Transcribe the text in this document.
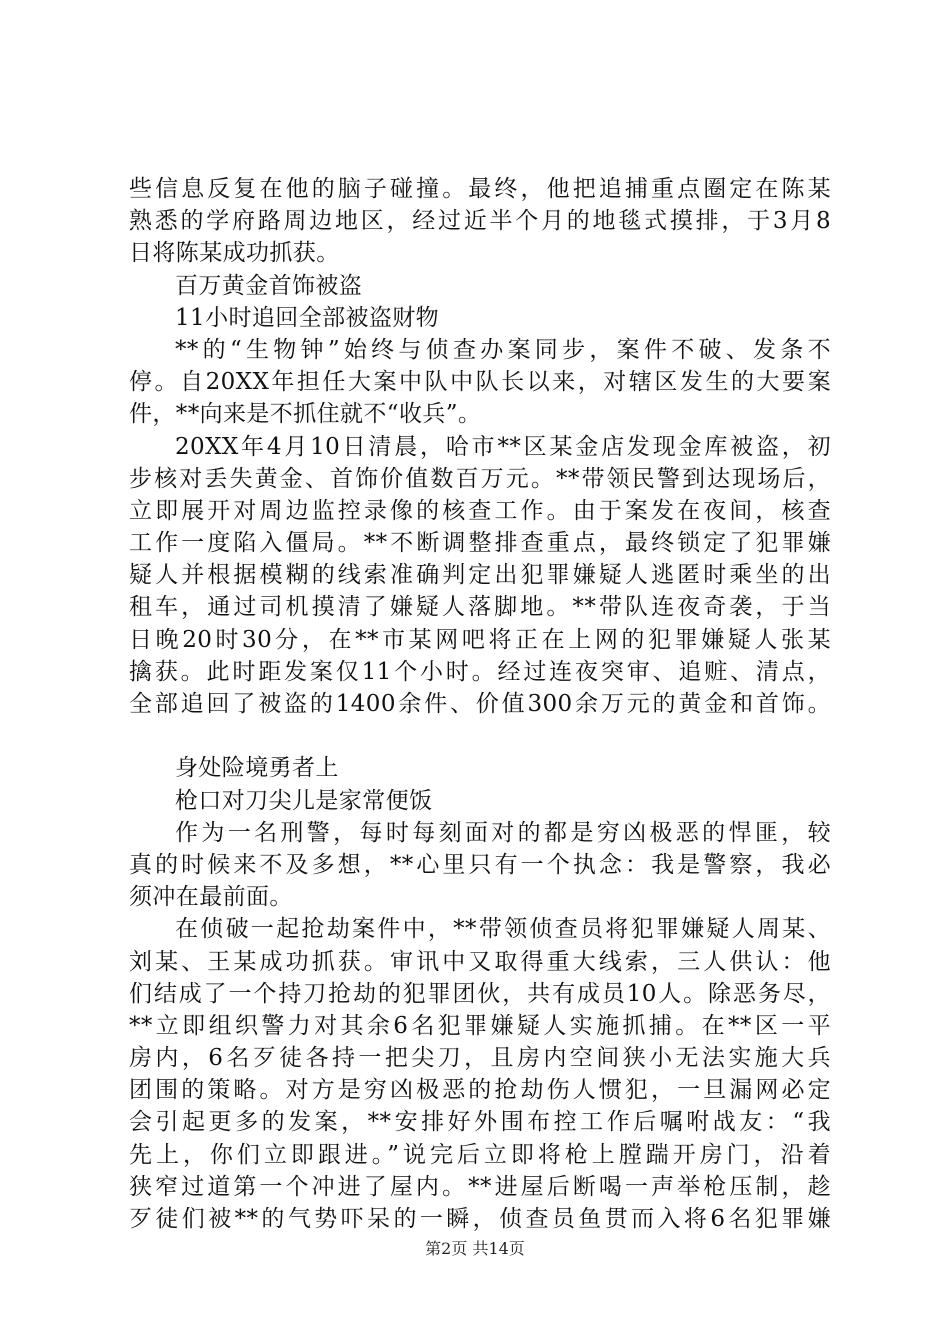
些信息反复在他的脑子碰撞。最终，他把追捕重点圈定在陈某
熟悉的学府路周边地区，经过近半个月的地毯式摸排，于3月8
日将陈某成功抓获。
百万黄金首饰被盗
11小时追回全部被盗财物
**的“生物钟”始终与侦查办案同步，案件不破、发条不
停。自20XX年担任大案中队中队长以来，对辖区发生的大要案
件，**向来是不抓住就不“收兵”。
20XX年4月10日清晨，哈市**区某金店发现金库被盗，初
步核对丢失黄金、首饰价值数百万元。**带领民警到达现场后，
立即展开对周边监控录像的核查工作。由于案发在夜间，核查
工作一度陷入僵局。**不断调整排查重点，最终锁定了犯罪嫌
疑人并根据模糊的线索准确判定出犯罪嫌疑人逃匿时乘坐的出
租车，通过司机摸清了嫌疑人落脚地。**带队连夜奇袭，于当
日晚20时30分，在**市某网吧将正在上网的犯罪嫌疑人张某
擒获。此时距发案仅11个小时。经过连夜突审、追赃、清点，
全部追回了被盗的1400余件、价值300余万元的黄金和首饰。
身处险境勇者上
枪口对刀尖儿是家常便饭
作为一名刑警，每时每刻面对的都是穷凶极恶的悍匪，较
真的时候来不及多想，**心里只有一个执念：我是警察，我必
须冲在最前面。
在侦破一起抢劫案件中，**带领侦查员将犯罪嫌疑人周某、
刘某、王某成功抓获。审讯中又取得重大线索，三人供认：他
们结成了一个持刀抢劫的犯罪团伙，共有成员10人。除恶务尽，
**立即组织警力对其余6名犯罪嫌疑人实施抓捕。在**区一平
房内，6名歹徒各持一把尖刀，且房内空间狭小无法实施大兵
团围的策略。对方是穷凶极恶的抢劫伤人惯犯，一旦漏网必定
会引起更多的发案，**安排好外围布控工作后嘱咐战友：“我
先上，你们立即跟进。”说完后立即将枪上膛踹开房门，沿着
狭窄过道第一个冲进了屋内。**进屋后断喝一声举枪压制，趁
歹徒们被**的气势吓呆的一瞬，侦查员鱼贯而入将6名犯罪嫌
第2页 共14页
